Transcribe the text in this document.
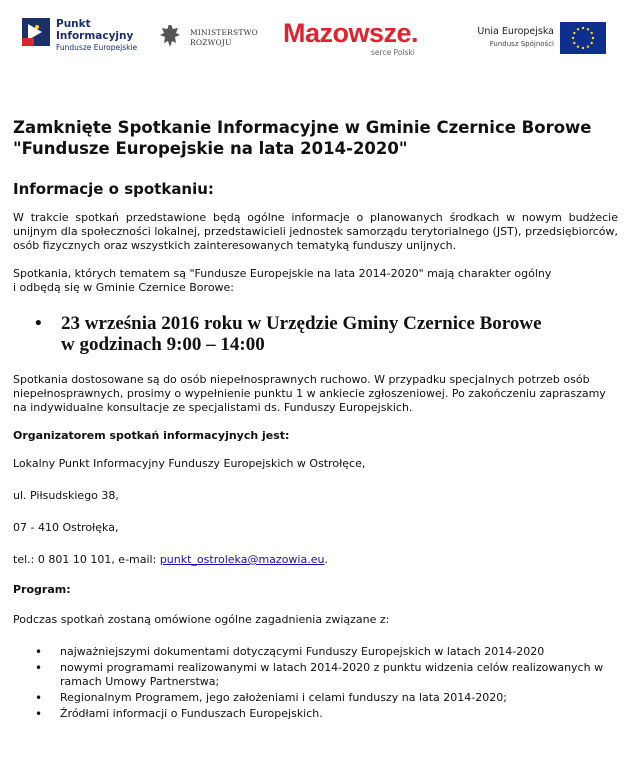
Punkt
Informacyjny
Fundusze Europejskie
MINISTERSTWO
ROZWOJU	Mazowsze.
serce Polski
Unia Europejska
Fundusz Spójności
Zamknięte Spotkanie Informacyjne w Gminie Czernice Borowe
"Fundusze Europejskie na lata 2014-2020"
Informacje o spotkaniu:

W trakcie spotkań przedstawione będą ogólne informacje o planowanych środkach w nowym budżecie unijnym dla społeczności lokalnej, przedstawicieli jednostek samorządu terytorialnego (JST), przedsiębiorców, osób fizycznych oraz wszystkich zainteresowanych tematyką funduszy unijnych.

Spotkania, których tematem są "Fundusze Europejskie na lata 2014-2020" mają charakter ogólny
i odbędą się w Gminie Czernice Borowe:

• 23 września 2016 roku w Urzędzie Gminy Czernice Borowe
w godzinach 9:00 – 14:00

Spotkania dostosowane są do osób niepełnosprawnych ruchowo. W przypadku specjalnych potrzeb osób niepełnosprawnych, prosimy o wypełnienie punktu 1 w ankiecie zgłoszeniowej. Po zakończeniu zapraszamy na indywidualne konsultacje ze specjalistami ds. Funduszy Europejskich.

Organizatorem spotkań informacyjnych jest:

Lokalny Punkt Informacyjny Funduszy Europejskich w Ostrołęce,

ul. Piłsudskiego 38,

07 - 410 Ostrołęka,

tel.: 0 801 10 101, e-mail: punkt_ostroleka@mazowia.eu.

Program:

Podczas spotkań zostaną omówione ogólne zagadnienia związane z:

• najważniejszymi dokumentami dotyczącymi Funduszy Europejskich w latach 2014-2020
• nowymi programami realizowanymi w latach 2014-2020 z punktu widzenia celów realizowanych w ramach Umowy Partnerstwa;
• Regionalnym Programem, jego założeniami i celami funduszy na lata 2014-2020;
• Źródłami informacji o Funduszach Europejskich.
